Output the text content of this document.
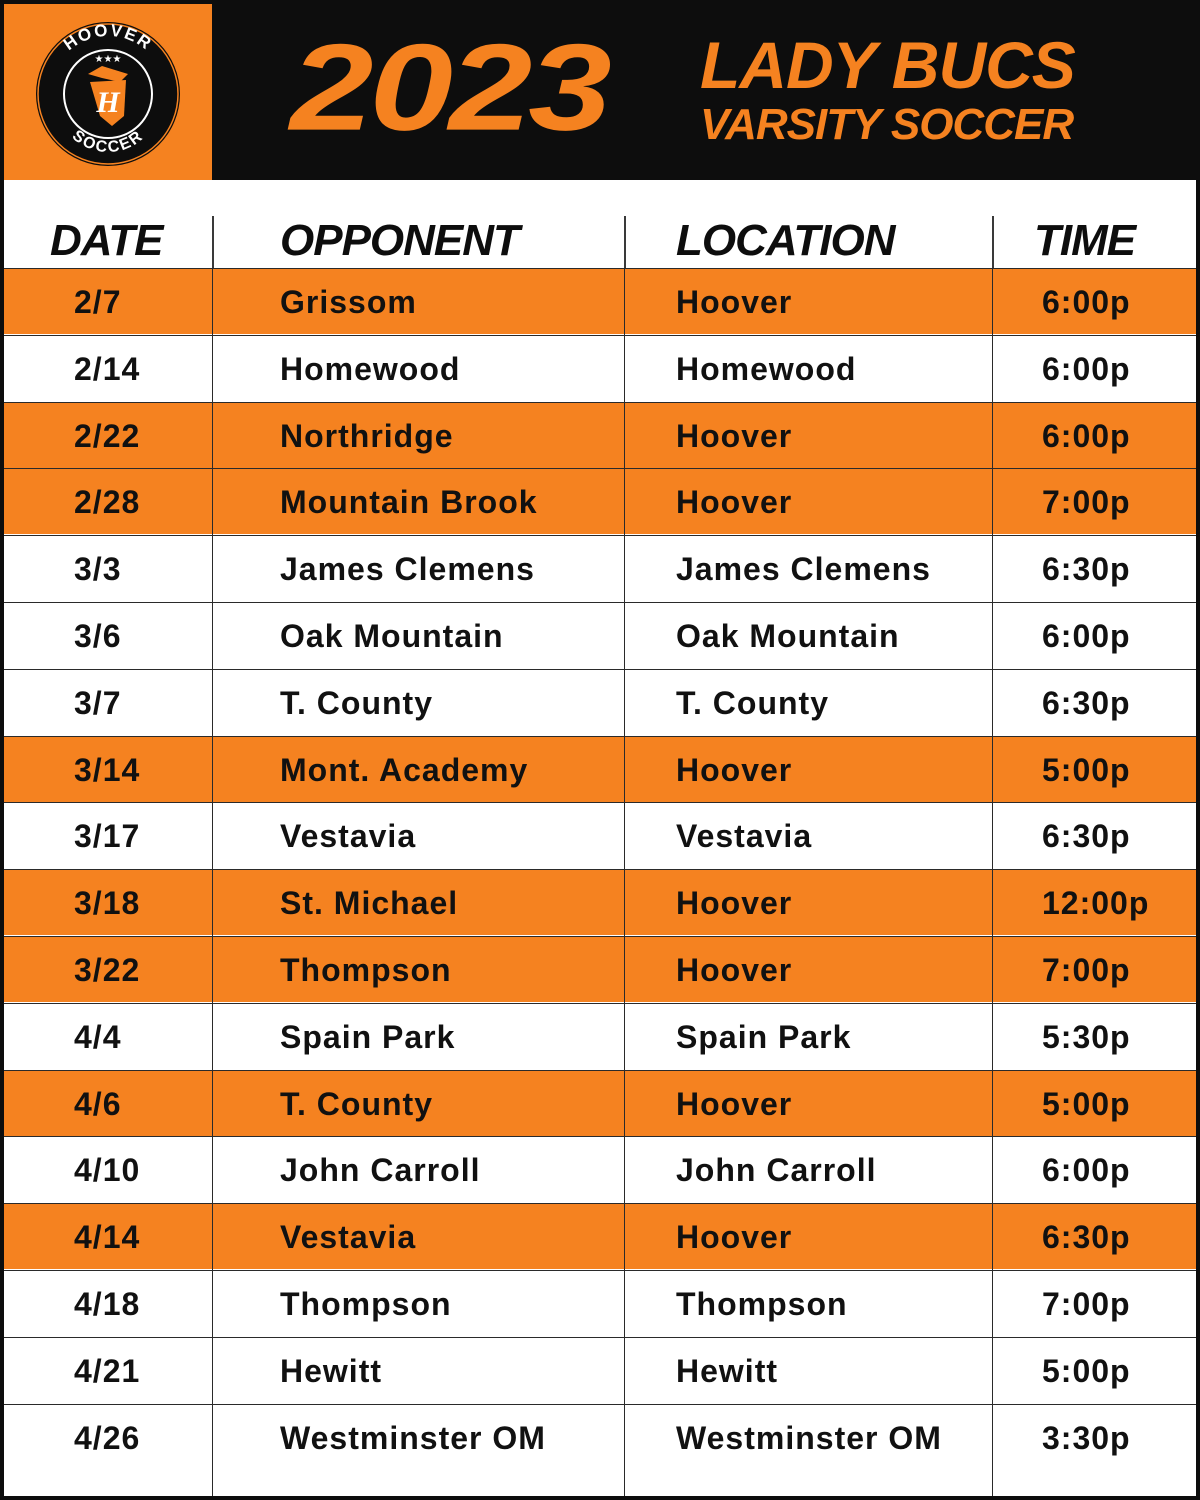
HOOVER
SOCCER
★★★
H 2023 LADY BUCS
VARSITY SOCCER
DATE	OPPONENT	LOCATION	TIME
2/7	Grissom	Hoover	6:00p
2/14	Homewood	Homewood	6:00p
2/22	Northridge	Hoover	6:00p
2/28	Mountain Brook	Hoover	7:00p
3/3	James Clemens	James Clemens	6:30p
3/6	Oak Mountain	Oak Mountain	6:00p
3/7	T. County	T. County	6:30p
3/14	Mont. Academy	Hoover	5:00p
3/17	Vestavia	Vestavia	6:30p
3/18	St. Michael	Hoover	12:00p
3/22	Thompson	Hoover	7:00p
4/4	Spain Park	Spain Park	5:30p
4/6	T. County	Hoover	5:00p
4/10	John Carroll	John Carroll	6:00p
4/14	Vestavia	Hoover	6:30p
4/18	Thompson	Thompson	7:00p
4/21	Hewitt	Hewitt	5:00p
4/26	Westminster OM	Westminster OM	3:30p
